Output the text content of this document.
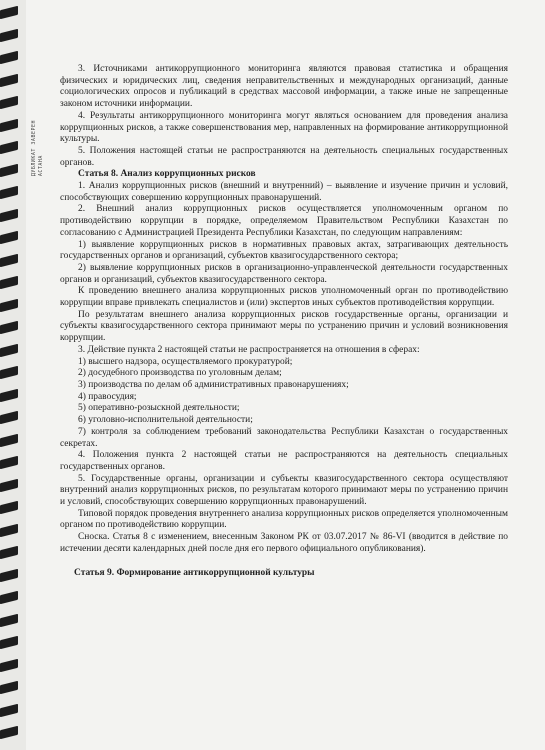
ДУБЛИКАТ ЗАВЕРЕН АСТАНА

3. Источниками антикоррупционного мониторинга являются правовая статистика и обращения физических и юридических лиц, сведения неправительственных и международных организаций, данные социологических опросов и публикаций в средствах массовой информации, а также иные не запрещенные законом источники информации.

4. Результаты антикоррупционного мониторинга могут являться основанием для проведения анализа коррупционных рисков, а также совершенствования мер, направленных на формирование антикоррупционной культуры.

5. Положения настоящей статьи не распространяются на деятельность специальных государственных органов.

Статья 8. Анализ коррупционных рисков

1. Анализ коррупционных рисков (внешний и внутренний) – выявление и изучение причин и условий, способствующих совершению коррупционных правонарушений.

2. Внешний анализ коррупционных рисков осуществляется уполномоченным органом по противодействию коррупции в порядке, определяемом Правительством Республики Казахстан по согласованию с Администрацией Президента Республики Казахстан, по следующим направлениям:

1) выявление коррупционных рисков в нормативных правовых актах, затрагивающих деятельность государственных органов и организаций, субъектов квазигосударственного сектора;

2) выявление коррупционных рисков в организационно-управленческой деятельности государственных органов и организаций, субъектов квазигосударственного сектора.

К проведению внешнего анализа коррупционных рисков уполномоченный орган по противодействию коррупции вправе привлекать специалистов и (или) экспертов иных субъектов противодействия коррупции.

По результатам внешнего анализа коррупционных рисков государственные органы, организации и субъекты квазигосударственного сектора принимают меры по устранению причин и условий возникновения коррупции.

3. Действие пункта 2 настоящей статьи не распространяется на отношения в сферах:

1) высшего надзора, осуществляемого прокуратурой;

2) досудебного производства по уголовным делам;

3) производства по делам об административных правонарушениях;

4) правосудия;

5) оперативно-розыскной деятельности;

6) уголовно-исполнительной деятельности;

7) контроля за соблюдением требований законодательства Республики Казахстан о государственных секретах.

4. Положения пункта 2 настоящей статьи не распространяются на деятельность специальных государственных органов.

5. Государственные органы, организации и субъекты квазигосударственного сектора осуществляют внутренний анализ коррупционных рисков, по результатам которого принимают меры по устранению причин и условий, способствующих совершению коррупционных правонарушений.

Типовой порядок проведения внутреннего анализа коррупционных рисков определяется уполномоченным органом по противодействию коррупции.

Сноска. Статья 8 с изменением, внесенным Законом РК от 03.07.2017 № 86-VI (вводится в действие по истечении десяти календарных дней после дня его первого официального опубликования).

Статья 9. Формирование антикоррупционной культуры
